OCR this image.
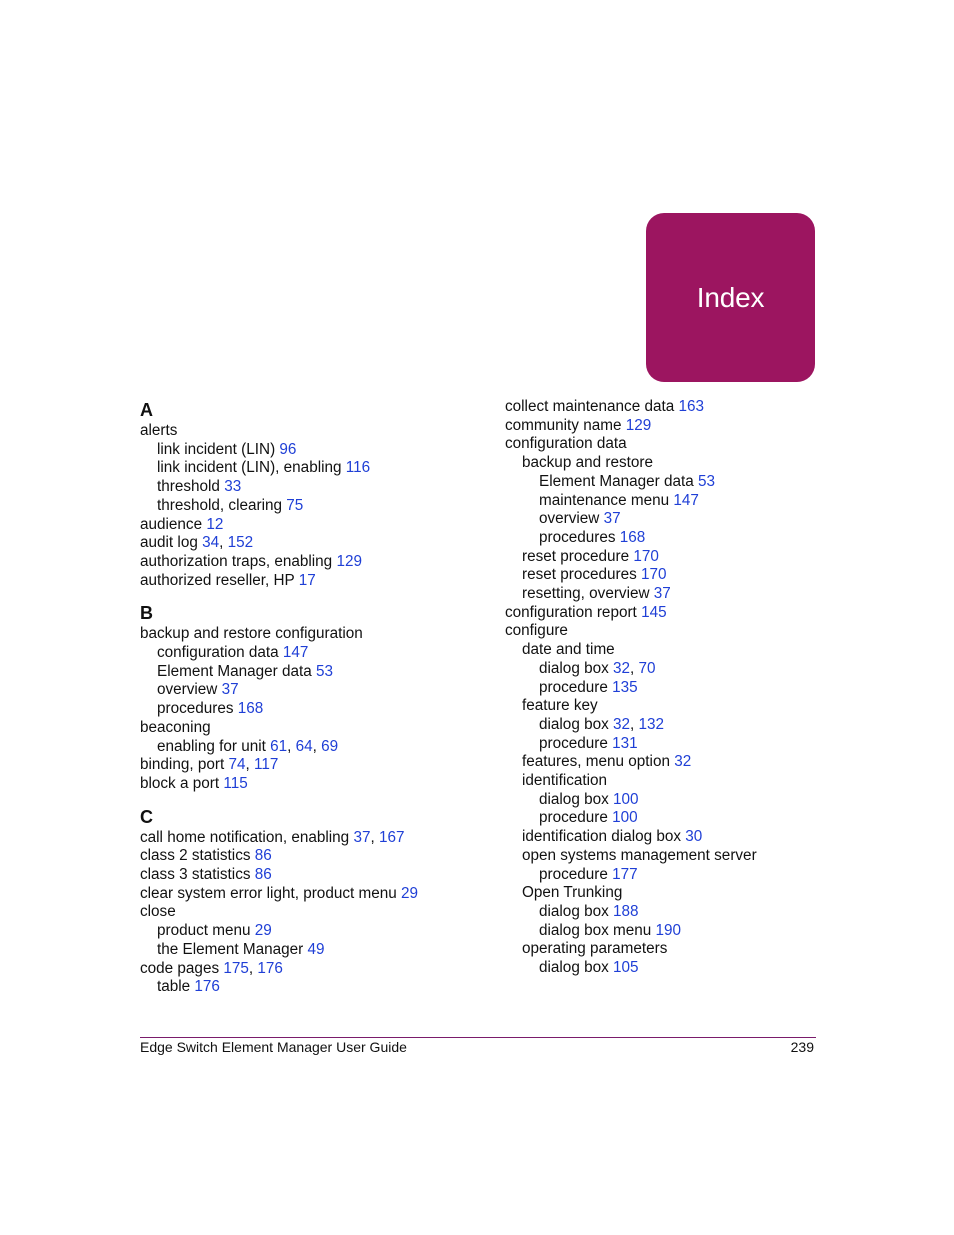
Index
A
alerts
link incident (LIN) 96
link incident (LIN), enabling 116
threshold 33
threshold, clearing 75
audience 12
audit log 34, 152
authorization traps, enabling 129
authorized reseller, HP 17
B
backup and restore configuration
configuration data 147
Element Manager data 53
overview 37
procedures 168
beaconing
enabling for unit 61, 64, 69
binding, port 74, 117
block a port 115
C
call home notification, enabling 37, 167
class 2 statistics 86
class 3 statistics 86
clear system error light, product menu 29
close
product menu 29
the Element Manager 49
code pages 175, 176
table 176
collect maintenance data 163
community name 129
configuration data
backup and restore
Element Manager data 53
maintenance menu 147
overview 37
procedures 168
reset procedure 170
reset procedures 170
resetting, overview 37
configuration report 145
configure
date and time
dialog box 32, 70
procedure 135
feature key
dialog box 32, 132
procedure 131
features, menu option 32
identification
dialog box 100
procedure 100
identification dialog box 30
open systems management server
procedure 177
Open Trunking
dialog box 188
dialog box menu 190
operating parameters
dialog box 105
Edge Switch Element Manager User Guide	239
